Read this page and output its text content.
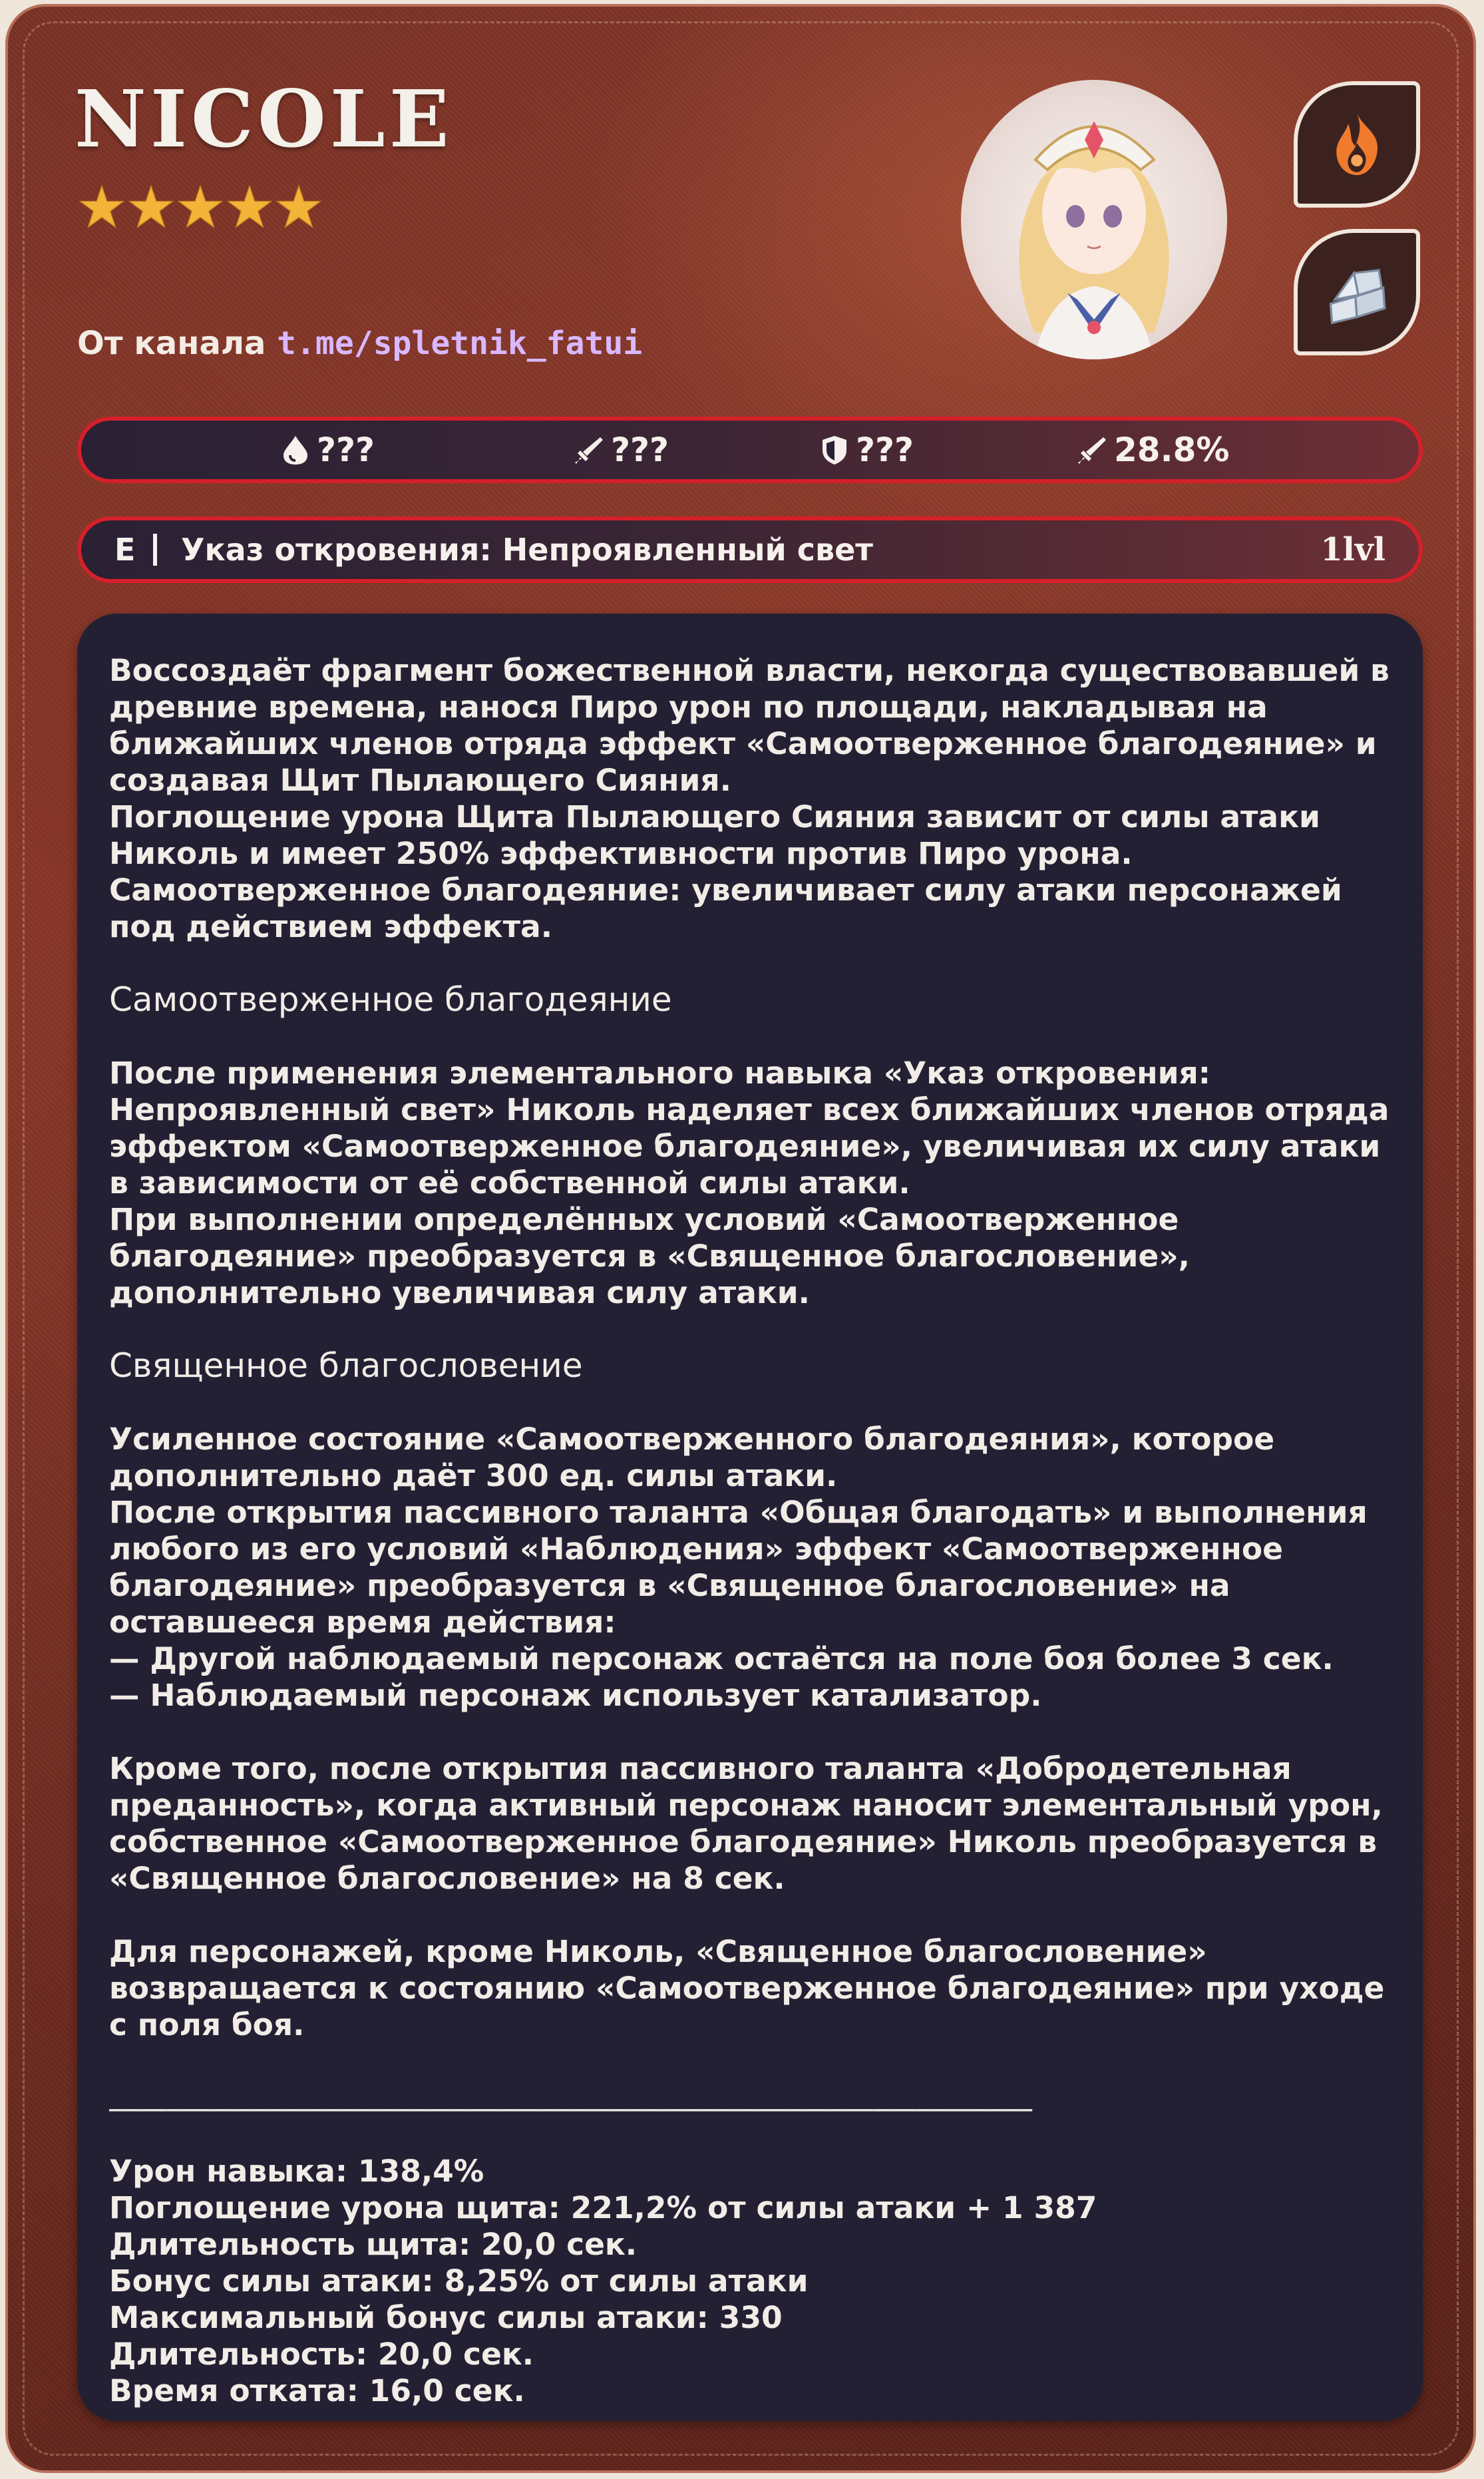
NICOLE
От канала t.me/spletnik_fatui
???	???	???	28.8%
E Указ откровения: Непроявленный свет	1lvl

Воссоздаёт фрагмент божественной власти, некогда существовавшей в древние времена, нанося Пиро урон по площади, накладывая на ближайших членов отряда эффект «Самоотверженное благодеяние» и создавая Щит Пылающего Сияния.

Поглощение урона Щита Пылающего Сияния зависит от силы атаки Николь и имеет 250% эффективности против Пиро урона.

Самоотверженное благодеяние: увеличивает силу атаки персонажей под действием эффекта.

Самоотверженное благодеяние

После применения элементального навыка «Указ откровения: Непроявленный свет» Николь наделяет всех ближайших членов отряда эффектом «Самоотверженное благодеяние», увеличивая их силу атаки в зависимости от её собственной силы атаки.

При выполнении определённых условий «Самоотверженное благодеяние» преобразуется в «Священное благословение», дополнительно увеличивая силу атаки.

Священное благословение

Усиленное состояние «Самоотверженного благодеяния», которое дополнительно даёт 300 ед. силы атаки.

После открытия пассивного таланта «Общая благодать» и выполнения любого из его условий «Наблюдения» эффект «Самоотверженное благодеяние» преобразуется в «Священное благословение» на оставшееся время действия:

— Другой наблюдаемый персонаж остаётся на поле боя более 3 сек.

— Наблюдаемый персонаж использует катализатор.

Кроме того, после открытия пассивного таланта «Добродетельная преданность», когда активный персонаж наносит элементальный урон, собственное «Самоотверженное благодеяние» Николь преобразуется в «Священное благословение» на 8 сек.

Для персонажей, кроме Николь, «Священное благословение» возвращается к состоянию «Самоотверженное благодеяние» при уходе с поля боя.

________________________________________________________________

Урон навыка: 138,4%

Поглощение урона щита: 221,2% от силы атаки + 1 387

Длительность щита: 20,0 сек.

Бонус силы атаки: 8,25% от силы атаки

Максимальный бонус силы атаки: 330

Длительность: 20,0 сек.

Время отката: 16,0 сек.
